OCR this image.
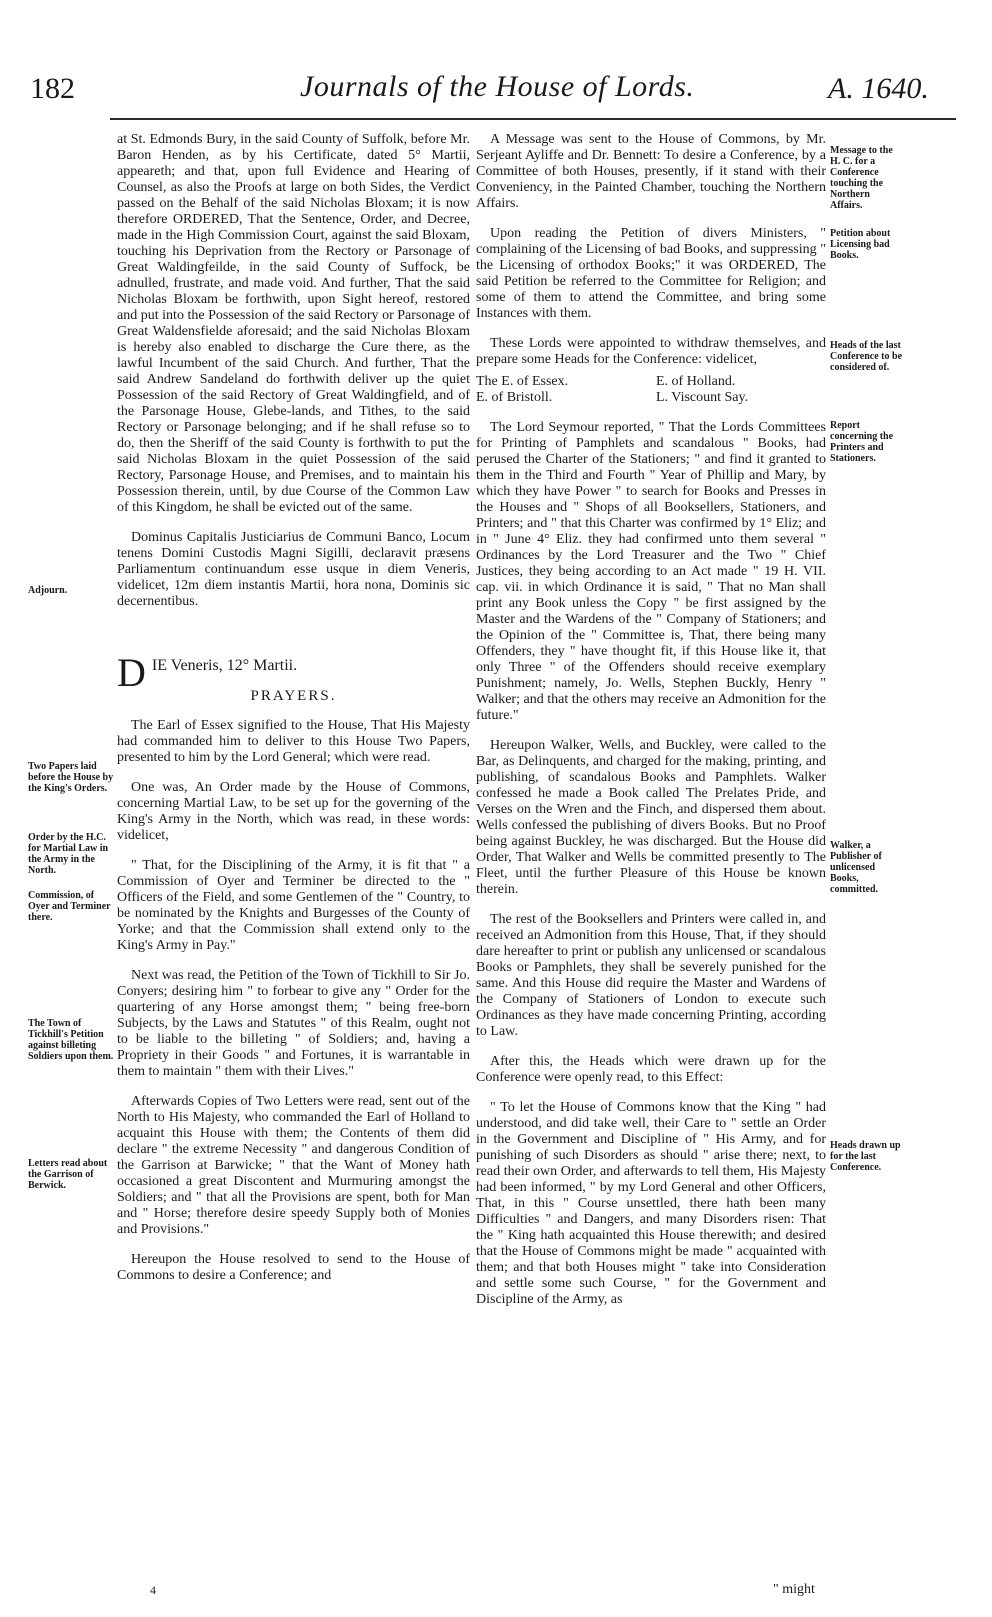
182	Journals of the House of Lords.	A. 1640.
Adjourn.
Two Papers laid before the House by the King's Orders.
Order by the H.C. for Martial Law in the Army in the North.
Commission, of Oyer and Terminer there.
The Town of Tickhill's Petition against billeting Soldiers upon them.
Letters read about the Garrison of Berwick.

at St. Edmonds Bury, in the said County of Suffolk, before Mr. Baron Henden, as by his Certificate, dated 5° Martii, appeareth; and that, upon full Evidence and Hearing of Counsel, as also the Proofs at large on both Sides, the Verdict passed on the Behalf of the said Nicholas Bloxam; it is now therefore ORDERED, That the Sentence, Order, and Decree, made in the High Commission Court, against the said Bloxam, touching his Deprivation from the Rectory or Parsonage of Great Waldingfeilde, in the said County of Suffock, be adnulled, frustrate, and made void. And further, That the said Nicholas Bloxam be forthwith, upon Sight hereof, restored and put into the Possession of the said Rectory or Parsonage of Great Waldensfielde aforesaid; and the said Nicholas Bloxam is hereby also enabled to discharge the Cure there, as the lawful Incumbent of the said Church. And further, That the said Andrew Sandeland do forthwith deliver up the quiet Possession of the said Rectory of Great Waldingfield, and of the Parsonage House, Glebe-lands, and Tithes, to the said Rectory or Parsonage belonging; and if he shall refuse so to do, then the Sheriff of the said County is forthwith to put the said Nicholas Bloxam in the quiet Possession of the said Rectory, Parsonage House, and Premises, and to maintain his Possession therein, until, by due Course of the Common Law of this Kingdom, he shall be evicted out of the same.

Dominus Capitalis Justiciarius de Communi Banco, Locum tenens Domini Custodis Magni Sigilli, declaravit præsens Parliamentum continuandum esse usque in diem Veneris, videlicet, 12m diem instantis Martii, hora nona, Dominis sic decernentibus.

D IE Veneris, 12° Martii.
PRAYERS.

The Earl of Essex signified to the House, That His Majesty had commanded him to deliver to this House Two Papers, presented to him by the Lord General; which were read.

One was, An Order made by the House of Commons, concerning Martial Law, to be set up for the governing of the King's Army in the North, which was read, in these words: videlicet,

" That, for the Disciplining of the Army, it is fit that " a Commission of Oyer and Terminer be directed to the " Officers of the Field, and some Gentlemen of the " Country, to be nominated by the Knights and Burgesses of the County of Yorke; and that the Commission shall extend only to the King's Army in Pay."

Next was read, the Petition of the Town of Tickhill to Sir Jo. Conyers; desiring him " to forbear to give any " Order for the quartering of any Horse amongst them; " being free-born Subjects, by the Laws and Statutes " of this Realm, ought not to be liable to the billeting " of Soldiers; and, having a Propriety in their Goods " and Fortunes, it is warrantable in them to maintain " them with their Lives."

Afterwards Copies of Two Letters were read, sent out of the North to His Majesty, who commanded the Earl of Holland to acquaint this House with them; the Contents of them did declare " the extreme Necessity " and dangerous Condition of the Garrison at Barwicke; " that the Want of Money hath occasioned a great Discontent and Murmuring amongst the Soldiers; and " that all the Provisions are spent, both for Man and " Horse; therefore desire speedy Supply both of Monies and Provisions."

Hereupon the House resolved to send to the House of Commons to desire a Conference; and

A Message was sent to the House of Commons, by Mr. Serjeant Ayliffe and Dr. Bennett: To desire a Conference, by a Committee of both Houses, presently, if it stand with their Conveniency, in the Painted Chamber, touching the Northern Affairs.

Upon reading the Petition of divers Ministers, " complaining of the Licensing of bad Books, and suppressing " the Licensing of orthodox Books;" it was ORDERED, The said Petition be referred to the Committee for Religion; and some of them to attend the Committee, and bring some Instances with them.

These Lords were appointed to withdraw themselves, and prepare some Heads for the Conference: videlicet,

The E. of Essex.	E. of Holland.
E. of Bristoll.	L. Viscount Say.

The Lord Seymour reported, " That the Lords Committees for Printing of Pamphlets and scandalous " Books, had perused the Charter of the Stationers; " and find it granted to them in the Third and Fourth " Year of Phillip and Mary, by which they have Power " to search for Books and Presses in the Houses and " Shops of all Booksellers, Stationers, and Printers; and " that this Charter was confirmed by 1° Eliz; and in " June 4° Eliz. they had confirmed unto them several " Ordinances by the Lord Treasurer and the Two " Chief Justices, they being according to an Act made " 19 H. VII. cap. vii. in which Ordinance it is said, " That no Man shall print any Book unless the Copy " be first assigned by the Master and the Wardens of the " Company of Stationers; and the Opinion of the " Committee is, That, there being many Offenders, they " have thought fit, if this House like it, that only Three " of the Offenders should receive exemplary Punishment; namely, Jo. Wells, Stephen Buckly, Henry " Walker; and that the others may receive an Admonition for the future."

Hereupon Walker, Wells, and Buckley, were called to the Bar, as Delinquents, and charged for the making, printing, and publishing, of scandalous Books and Pamphlets. Walker confessed he made a Book called The Prelates Pride, and Verses on the Wren and the Finch, and dispersed them about. Wells confessed the publishing of divers Books. But no Proof being against Buckley, he was discharged. But the House did Order, That Walker and Wells be committed presently to The Fleet, until the further Pleasure of this House be known therein.

The rest of the Booksellers and Printers were called in, and received an Admonition from this House, That, if they should dare hereafter to print or publish any unlicensed or scandalous Books or Pamphlets, they shall be severely punished for the same. And this House did require the Master and Wardens of the Company of Stationers of London to execute such Ordinances as they have made concerning Printing, according to Law.

After this, the Heads which were drawn up for the Conference were openly read, to this Effect:

" To let the House of Commons know that the King " had understood, and did take well, their Care to " settle an Order in the Government and Discipline of " His Army, and for punishing of such Disorders as should " arise there; next, to read their own Order, and afterwards to tell them, His Majesty had been informed, " by my Lord General and other Officers, That, in this " Course unsettled, there hath been many Difficulties " and Dangers, and many Disorders risen: That the " King hath acquainted this House therewith; and desired that the House of Commons might be made " acquainted with them; and that both Houses might " take into Consideration and settle some such Course, " for the Government and Discipline of the Army, as

Message to the H. C. for a Conference touching the Northern Affairs.
Petition about Licensing bad Books.
Heads of the last Conference to be considered of.
Report concerning the Printers and Stationers.
Walker, a Publisher of unlicensed Books, committed.
Heads drawn up for the last Conference.
4	" might
